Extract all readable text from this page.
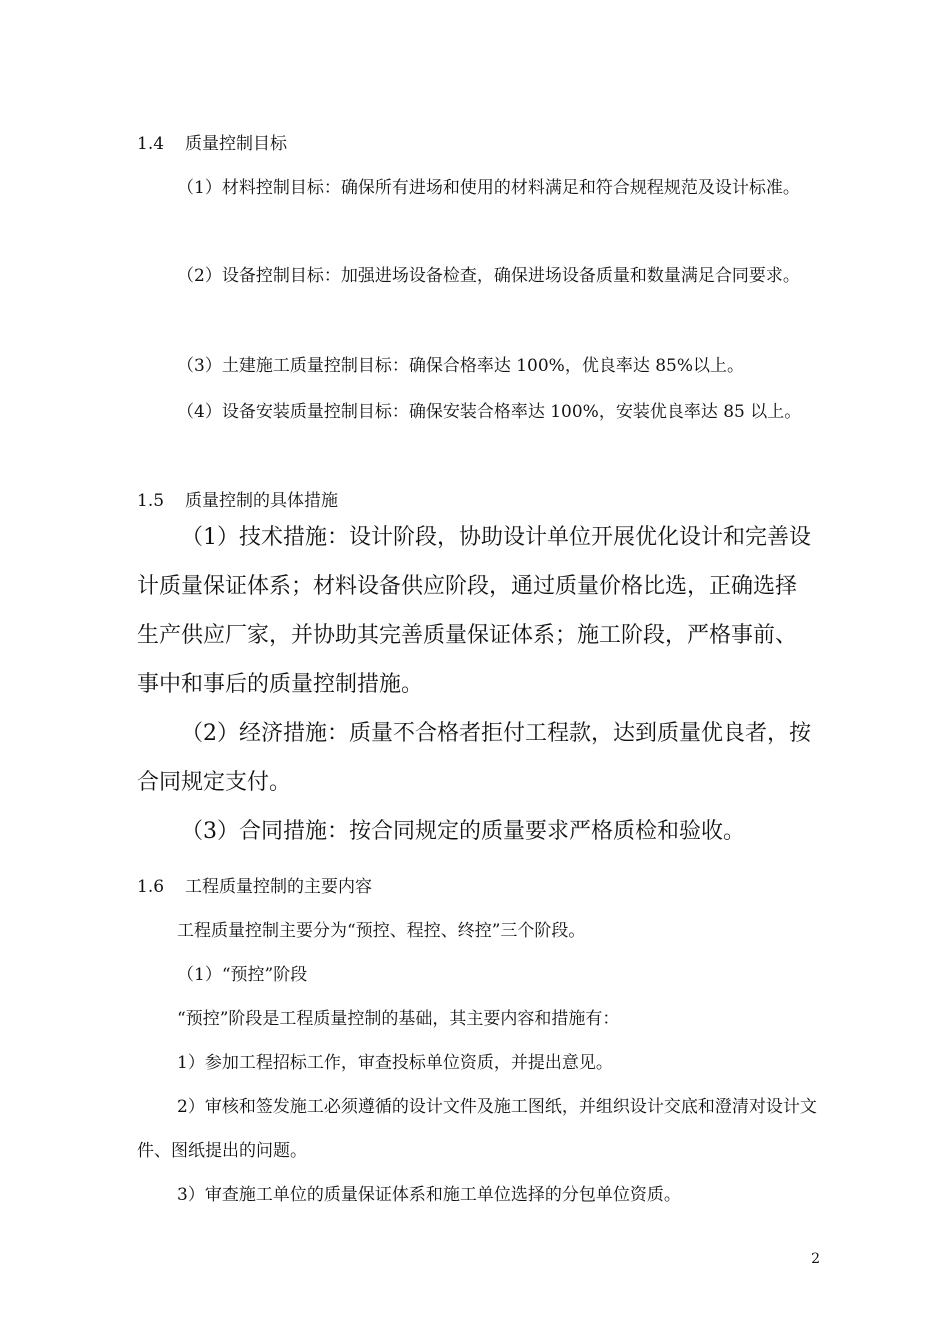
1.4 质量控制目标

（1）材料控制目标：确保所有进场和使用的材料满足和符合规程规范及设计标准。

（2）设备控制目标：加强进场设备检查，确保进场设备质量和数量满足合同要求。

（3）土建施工质量控制目标：确保合格率达 100%，优良率达 85%以上。

（4）设备安装质量控制目标：确保安装合格率达 100%，安装优良率达 85 以上。

1.5 质量控制的具体措施

（1）技术措施：设计阶段，协助设计单位开展优化设计和完善设计质量保证体系；材料设备供应阶段，通过质量价格比选，正确选择生产供应厂家，并协助其完善质量保证体系；施工阶段，严格事前、事中和事后的质量控制措施。

（2）经济措施：质量不合格者拒付工程款，达到质量优良者，按合同规定支付。

（3）合同措施：按合同规定的质量要求严格质检和验收。

1.6 工程质量控制的主要内容

工程质量控制主要分为“预控、程控、终控”三个阶段。

（1）“预控”阶段

“预控”阶段是工程质量控制的基础，其主要内容和措施有：

1）参加工程招标工作，审查投标单位资质，并提出意见。

2）审核和签发施工必须遵循的设计文件及施工图纸，并组织设计交底和澄清对设计文件、图纸提出的问题。

3）审查施工单位的质量保证体系和施工单位选择的分包单位资质。

2
